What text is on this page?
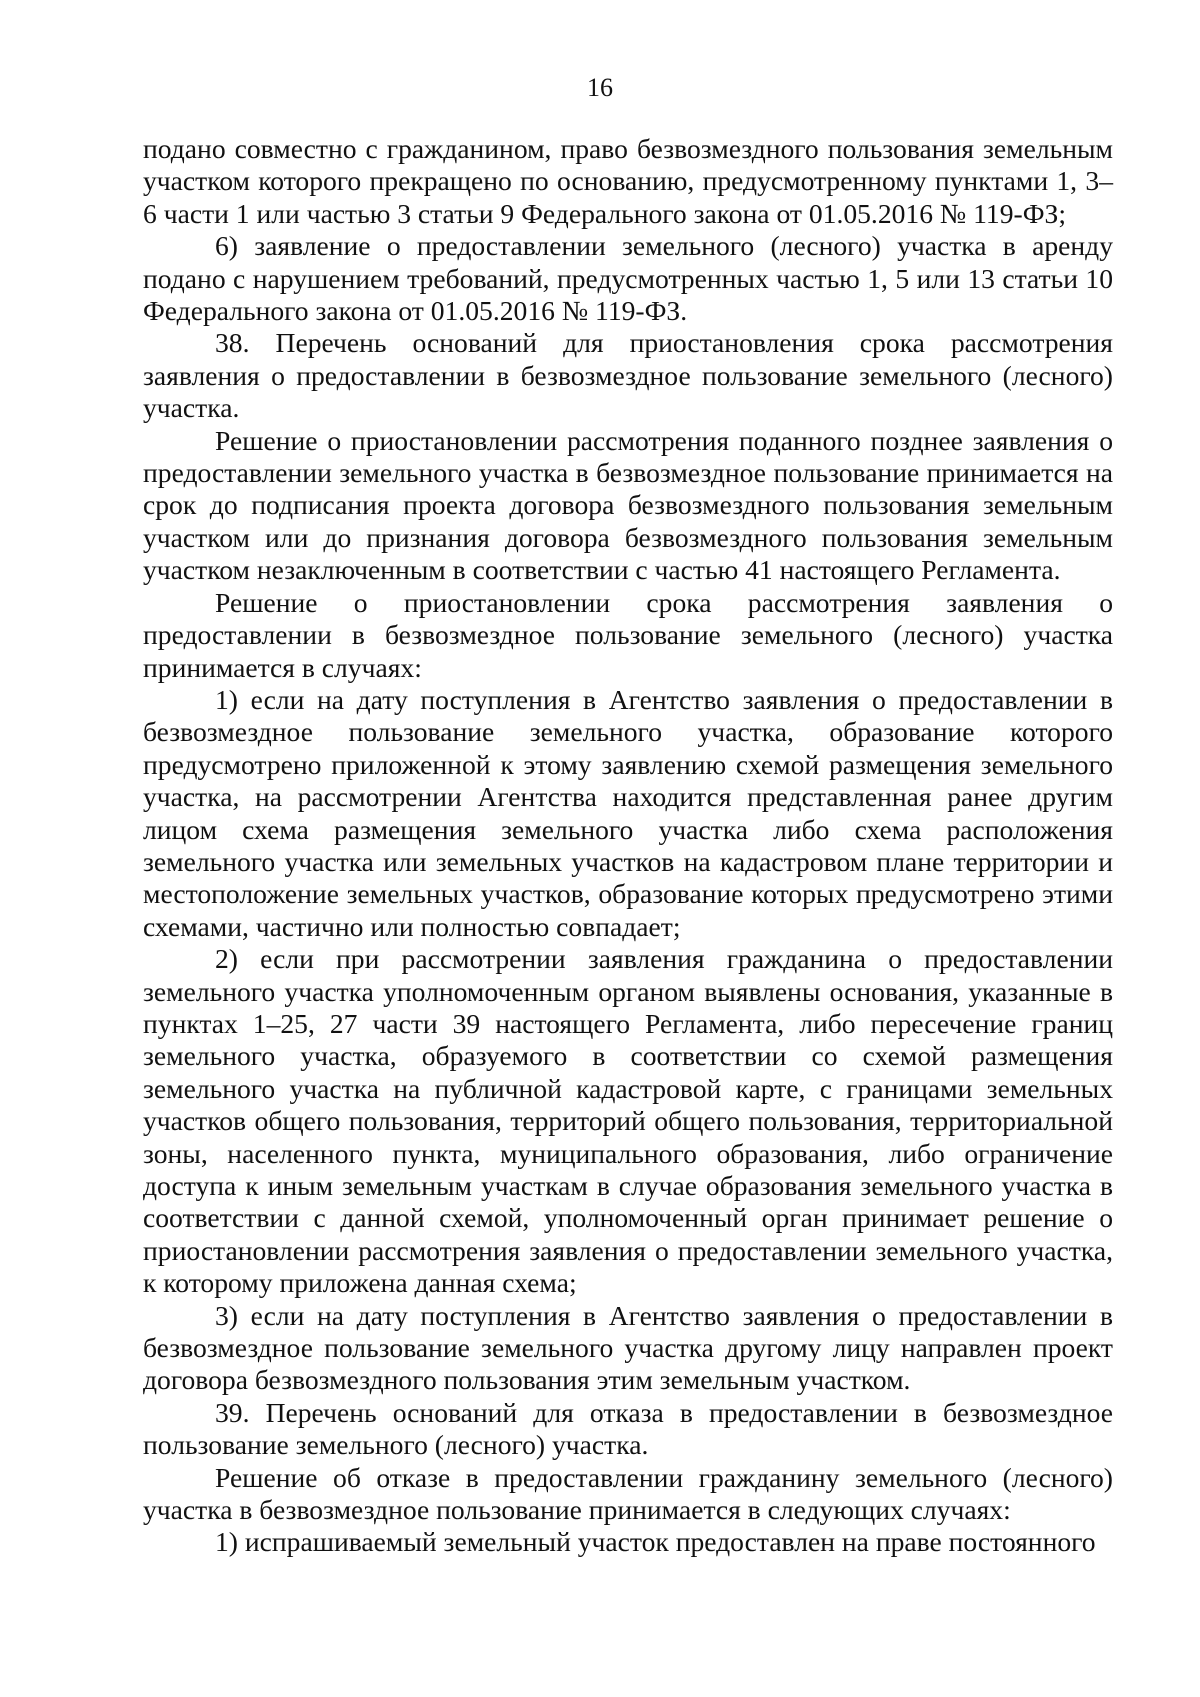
16

подано совместно с гражданином, право безвозмездного пользования земельным участком которого прекращено по основанию, предусмотренному пунктами 1, 3–6 части 1 или частью 3 статьи 9 Федерального закона от 01.05.2016 № 119-ФЗ;

6) заявление о предоставлении земельного (лесного) участка в аренду подано с нарушением требований, предусмотренных частью 1, 5 или 13 статьи 10 Федерального закона от 01.05.2016 № 119-ФЗ.

38. Перечень оснований для приостановления срока рассмотрения заявления о предоставлении в безвозмездное пользование земельного (лесного) участка.

Решение о приостановлении рассмотрения поданного позднее заявления о предоставлении земельного участка в безвозмездное пользование принимается на срок до подписания проекта договора безвозмездного пользования земельным участком или до признания договора безвозмездного пользования земельным участком незаключенным в соответствии с частью 41 настоящего Регламента.

Решение о приостановлении срока рассмотрения заявления о предоставлении в безвозмездное пользование земельного (лесного) участка принимается в случаях:

1) если на дату поступления в Агентство заявления о предоставлении в безвозмездное пользование земельного участка, образование которого предусмотрено приложенной к этому заявлению схемой размещения земельного участка, на рассмотрении Агентства находится представленная ранее другим лицом схема размещения земельного участка либо схема расположения земельного участка или земельных участков на кадастровом плане территории и местоположение земельных участков, образование которых предусмотрено этими схемами, частично или полностью совпадает;

2) если при рассмотрении заявления гражданина о предоставлении земельного участка уполномоченным органом выявлены основания, указанные в пунктах 1–25, 27 части 39 настоящего Регламента, либо пересечение границ земельного участка, образуемого в соответствии со схемой размещения земельного участка на публичной кадастровой карте, с границами земельных участков общего пользования, территорий общего пользования, территориальной зоны, населенного пункта, муниципального образования, либо ограничение доступа к иным земельным участкам в случае образования земельного участка в соответствии с данной схемой, уполномоченный орган принимает решение о приостановлении рассмотрения заявления о предоставлении земельного участка, к которому приложена данная схема;

3) если на дату поступления в Агентство заявления о предоставлении в безвозмездное пользование земельного участка другому лицу направлен проект договора безвозмездного пользования этим земельным участком.

39. Перечень оснований для отказа в предоставлении в безвозмездное пользование земельного (лесного) участка.

Решение об отказе в предоставлении гражданину земельного (лесного) участка в безвозмездное пользование принимается в следующих случаях:

1) испрашиваемый земельный участок предоставлен на праве постоянного
